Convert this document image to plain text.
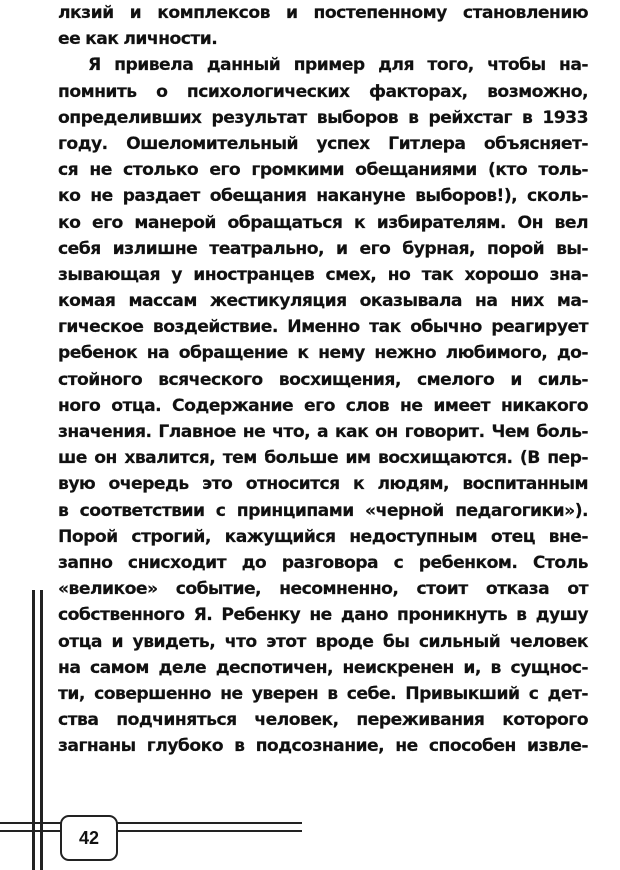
лкзий и комплексов и постепенному становлению
ее как личности.
Я привела данный пример для того, чтобы на-
помнить о психологических факторах, возможно,
определивших результат выборов в рейхстаг в 1933
году. Ошеломительный успех Гитлера объясняет-
ся не столько его громкими обещаниями (кто толь-
ко не раздает обещания накануне выборов!), сколь-
ко его манерой обращаться к избирателям. Он вел
себя излишне театрально, и его бурная, порой вы-
зывающая у иностранцев смех, но так хорошо зна-
комая массам жестикуляция оказывала на них ма-
гическое воздействие. Именно так обычно реагирует
ребенок на обращение к нему нежно любимого, до-
стойного всяческого восхищения, смелого и силь-
ного отца. Содержание его слов не имеет никакого
значения. Главное не что, а как он говорит. Чем боль-
ше он хвалится, тем больше им восхищаются. (В пер-
вую очередь это относится к людям, воспитанным
в соответствии с принципами «черной педагогики»).
Порой строгий, кажущийся недоступным отец вне-
запно снисходит до разговора с ребенком. Столь
«великое» событие, несомненно, стоит отказа от
собственного Я. Ребенку не дано проникнуть в душу
отца и увидеть, что этот вроде бы сильный человек
на самом деле деспотичен, неискренен и, в сущнос-
ти, совершенно не уверен в себе. Привыкший с дет-
ства подчиняться человек, переживания которого
загнаны глубоко в подсознание, не способен извле-
42
